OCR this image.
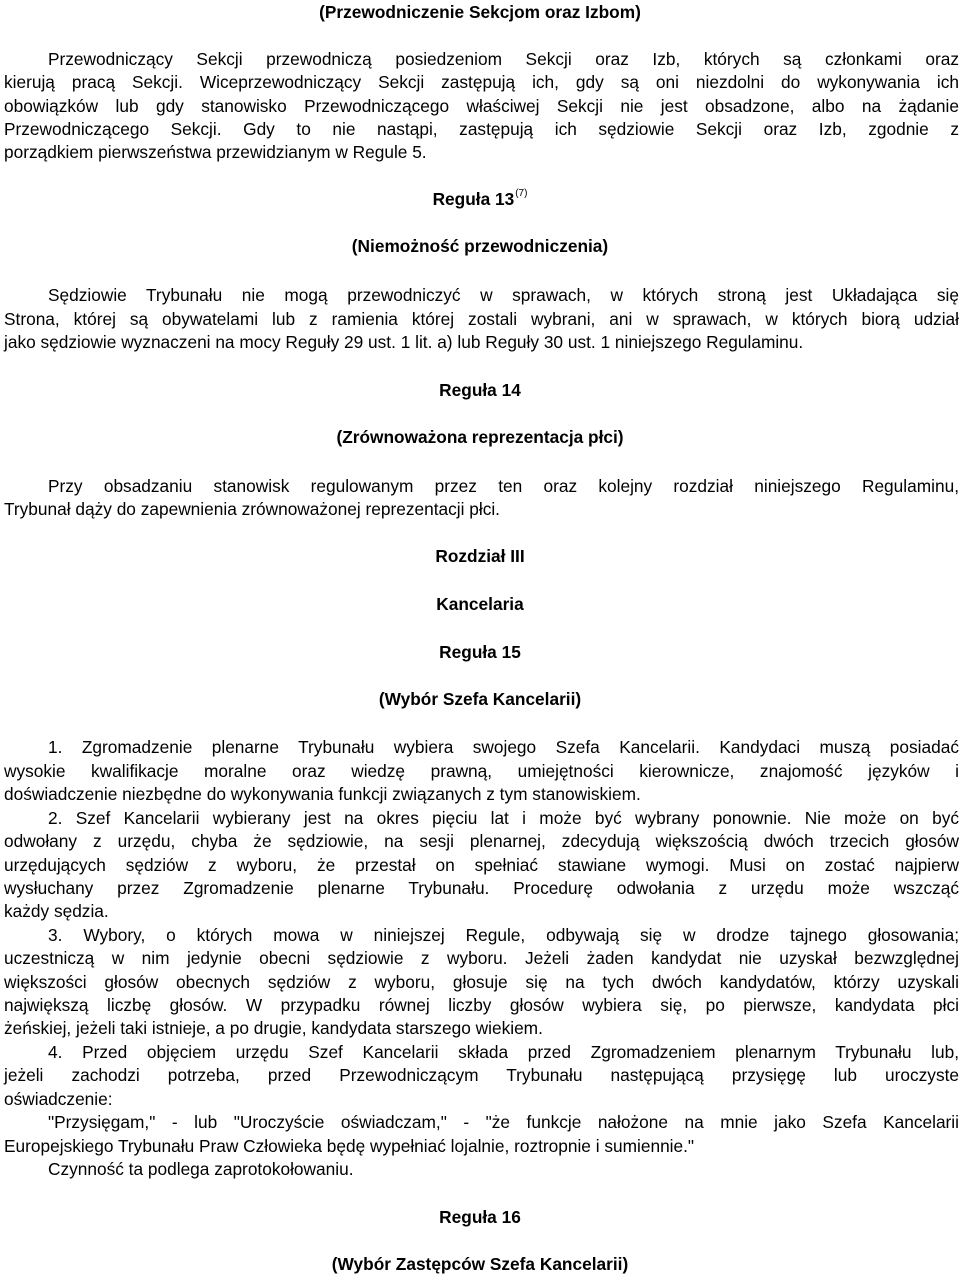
(Przewodniczenie Sekcjom oraz Izbom)

Przewodniczący Sekcji przewodniczą posiedzeniom Sekcji oraz Izb, których są członkami oraz

kierują pracą Sekcji. Wiceprzewodniczący Sekcji zastępują ich, gdy są oni niezdolni do wykonywania ich

obowiązków lub gdy stanowisko Przewodniczącego właściwej Sekcji nie jest obsadzone, albo na żądanie

Przewodniczącego Sekcji. Gdy to nie nastąpi, zastępują ich sędziowie Sekcji oraz Izb, zgodnie z

porządkiem pierwszeństwa przewidzianym w Regule 5.

Reguła 13$^{(7)}$

(Niemożność przewodniczenia)

Sędziowie Trybunału nie mogą przewodniczyć w sprawach, w których stroną jest Układająca się

Strona, której są obywatelami lub z ramienia której zostali wybrani, ani w sprawach, w których biorą udział

jako sędziowie wyznaczeni na mocy Reguły 29 ust. 1 lit. a) lub Reguły 30 ust. 1 niniejszego Regulaminu.

Reguła 14

(Zrównoważona reprezentacja płci)

Przy obsadzaniu stanowisk regulowanym przez ten oraz kolejny rozdział niniejszego Regulaminu,

Trybunał dąży do zapewnienia zrównoważonej reprezentacji płci.

Rozdział III

Kancelaria

Reguła 15

(Wybór Szefa Kancelarii)

1. Zgromadzenie plenarne Trybunału wybiera swojego Szefa Kancelarii. Kandydaci muszą posiadać

wysokie kwalifikacje moralne oraz wiedzę prawną, umiejętności kierownicze, znajomość języków i

doświadczenie niezbędne do wykonywania funkcji związanych z tym stanowiskiem.

2. Szef Kancelarii wybierany jest na okres pięciu lat i może być wybrany ponownie. Nie może on być

odwołany z urzędu, chyba że sędziowie, na sesji plenarnej, zdecydują większością dwóch trzecich głosów

urzędujących sędziów z wyboru, że przestał on spełniać stawiane wymogi. Musi on zostać najpierw

wysłuchany przez Zgromadzenie plenarne Trybunału. Procedurę odwołania z urzędu może wszcząć

każdy sędzia.

3. Wybory, o których mowa w niniejszej Regule, odbywają się w drodze tajnego głosowania;

uczestniczą w nim jedynie obecni sędziowie z wyboru. Jeżeli żaden kandydat nie uzyskał bezwzględnej

większości głosów obecnych sędziów z wyboru, głosuje się na tych dwóch kandydatów, którzy uzyskali

największą liczbę głosów. W przypadku równej liczby głosów wybiera się, po pierwsze, kandydata płci

żeńskiej, jeżeli taki istnieje, a po drugie, kandydata starszego wiekiem.

4. Przed objęciem urzędu Szef Kancelarii składa przed Zgromadzeniem plenarnym Trybunału lub,

jeżeli zachodzi potrzeba, przed Przewodniczącym Trybunału następującą przysięgę lub uroczyste

oświadczenie:

"Przysięgam," - lub "Uroczyście oświadczam," - "że funkcje nałożone na mnie jako Szefa Kancelarii

Europejskiego Trybunału Praw Człowieka będę wypełniać lojalnie, roztropnie i sumiennie."

Czynność ta podlega zaprotokołowaniu.

Reguła 16

(Wybór Zastępców Szefa Kancelarii)
